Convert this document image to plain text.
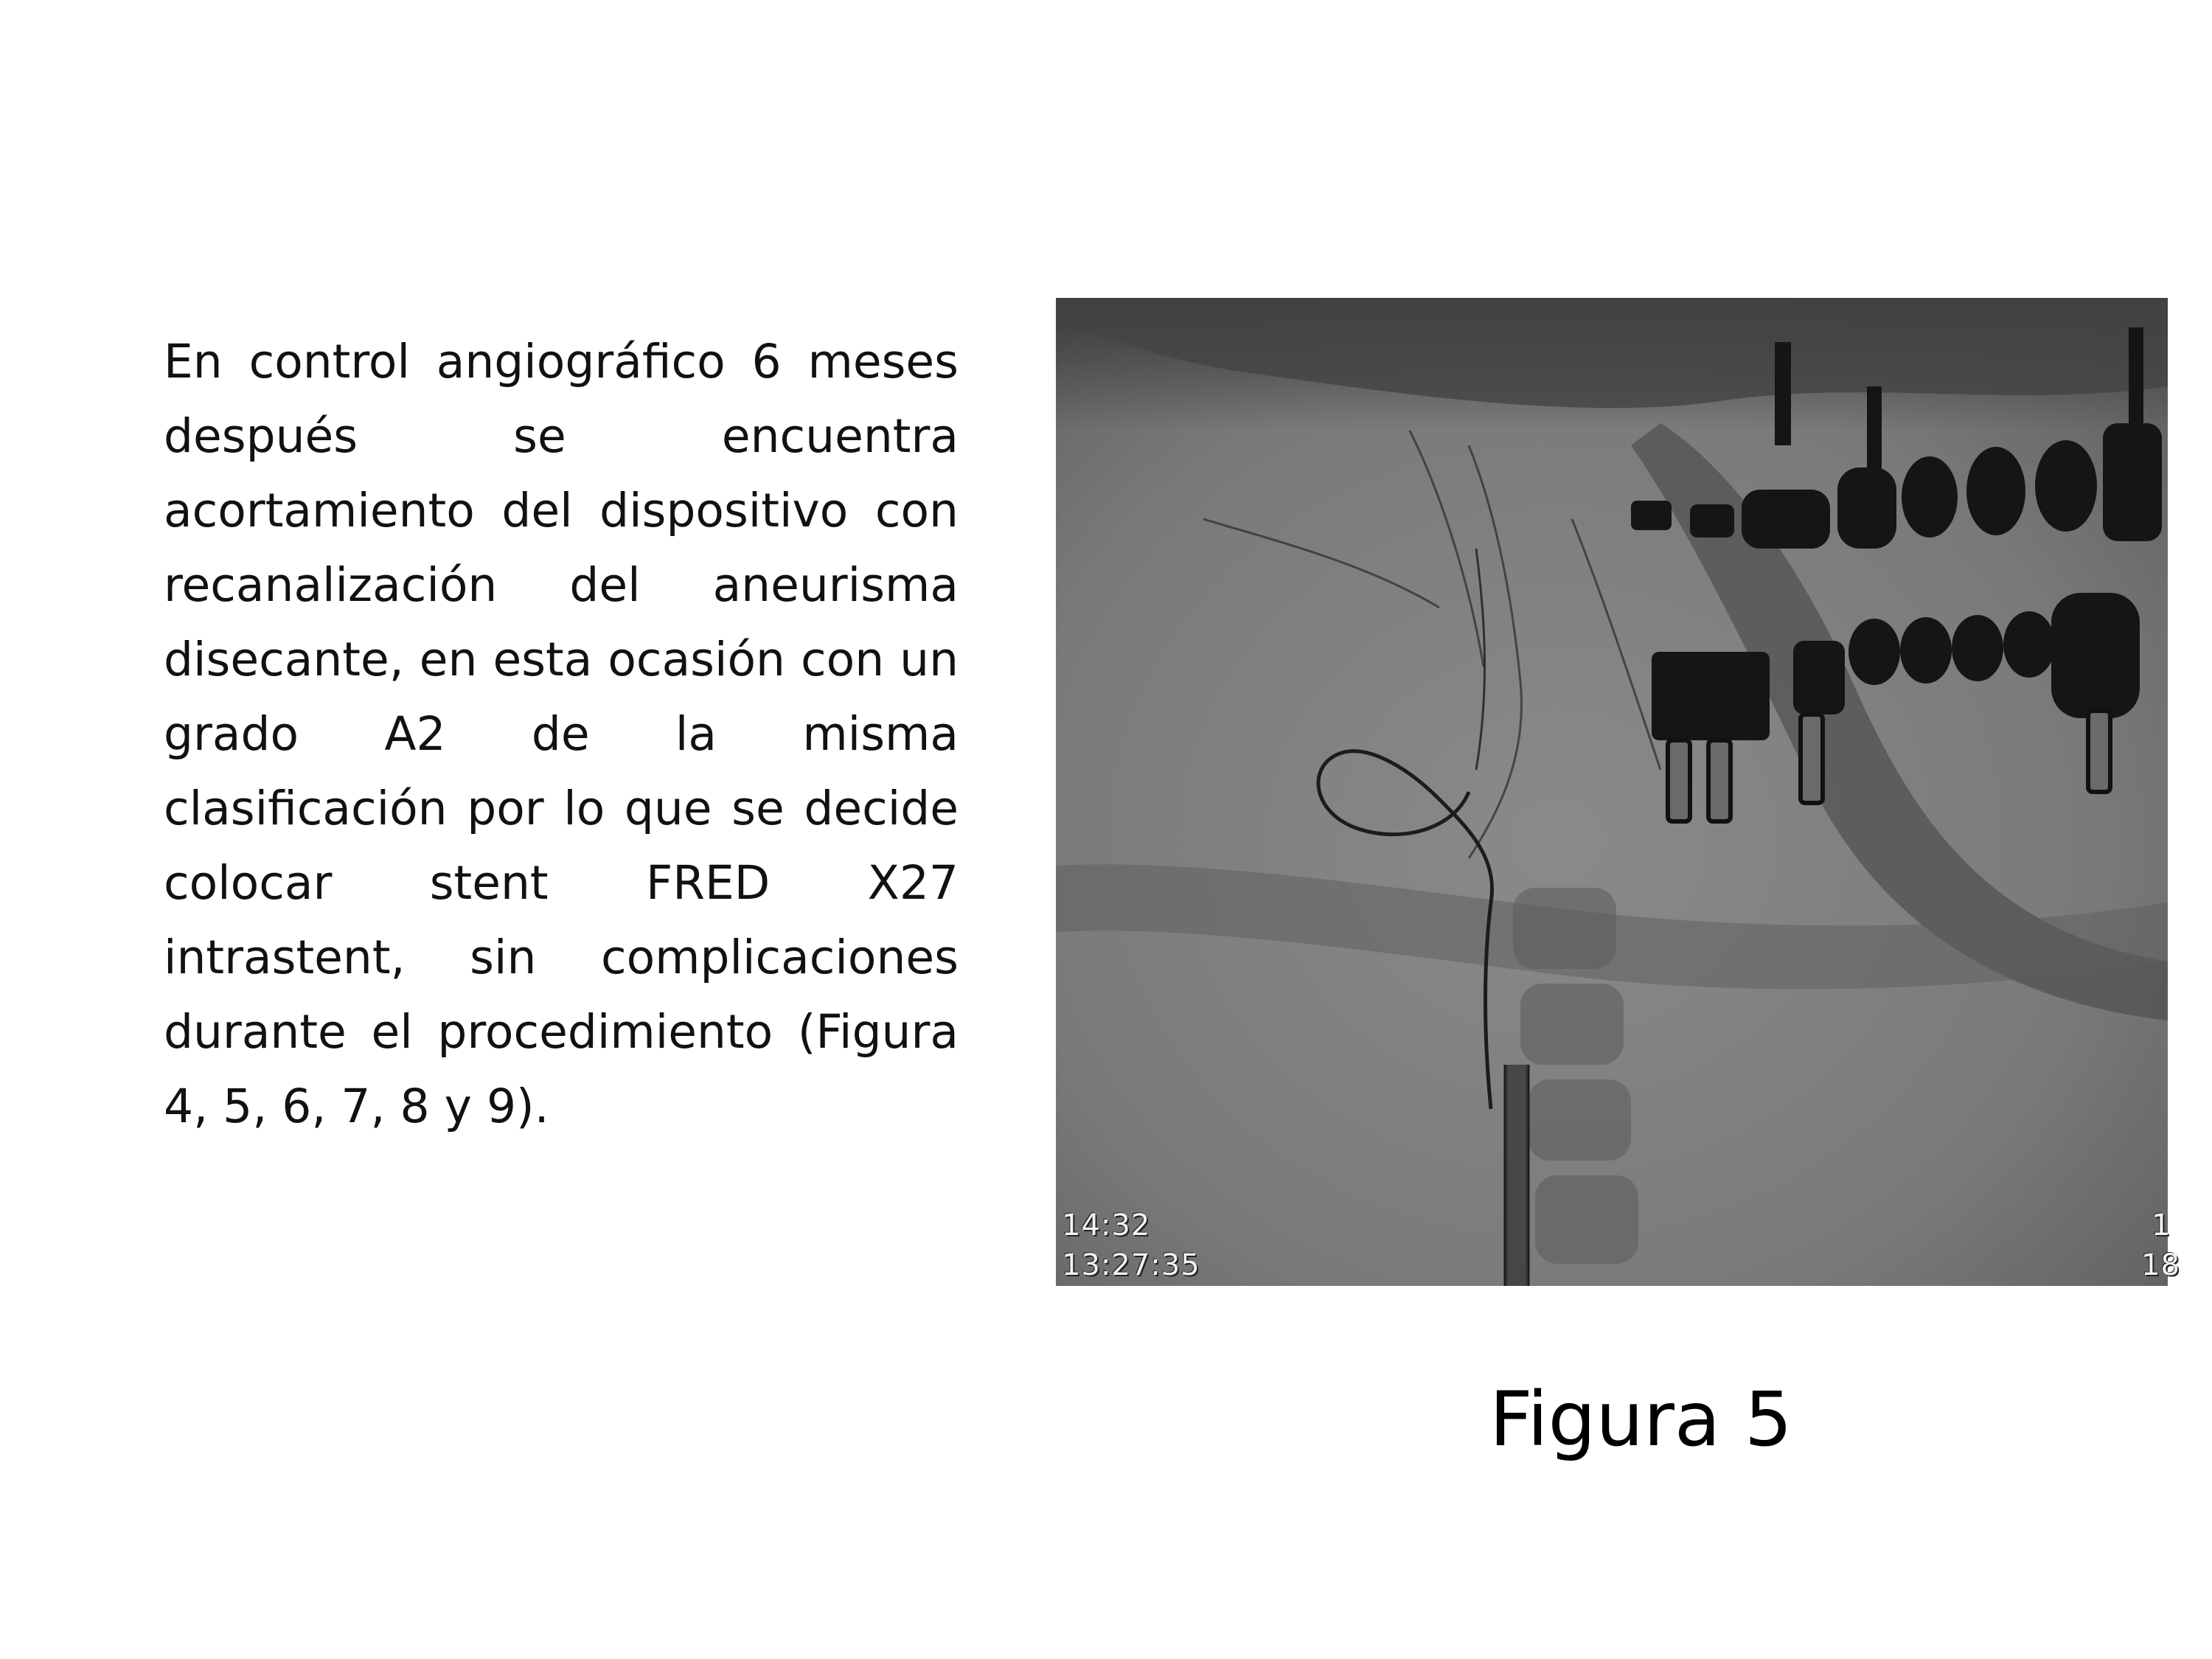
En control angiográfico 6 meses después se encuentra acortamiento del dispositivo con recanalización del aneurisma disecante, en esta ocasión con un grado A2 de la misma clasificación por lo que se decide colocar stent FRED X27 intrastent, sin complicaciones durante el procedimiento (Figura 4, 5, 6, 7, 8 y 9).

14:32
13:27:35
1
18
Figura 5
